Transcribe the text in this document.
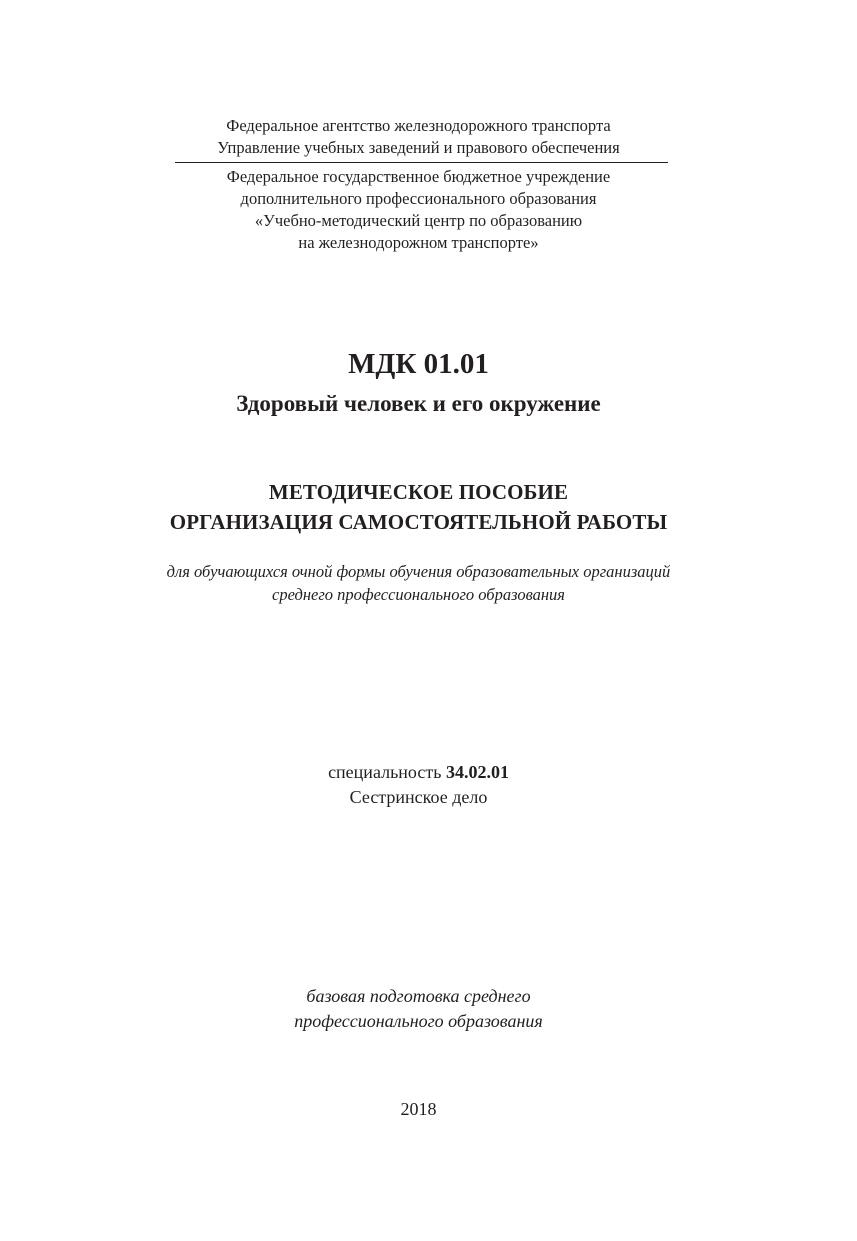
Федеральное агентство железнодорожного транспорта
Управление учебных заведений и правового обеспечения
Федеральное государственное бюджетное учреждение
дополнительного профессионального образования
«Учебно-методический центр по образованию
на железнодорожном транспорте»
МДК 01.01
Здоровый человек и его окружение
МЕТОДИЧЕСКОЕ ПОСОБИЕ
ОРГАНИЗАЦИЯ САМОСТОЯТЕЛЬНОЙ РАБОТЫ
для обучающихся очной формы обучения образовательных организаций
среднего профессионального образования
специальность 34.02.01
Сестринское дело
базовая подготовка среднего
профессионального образования
2018
